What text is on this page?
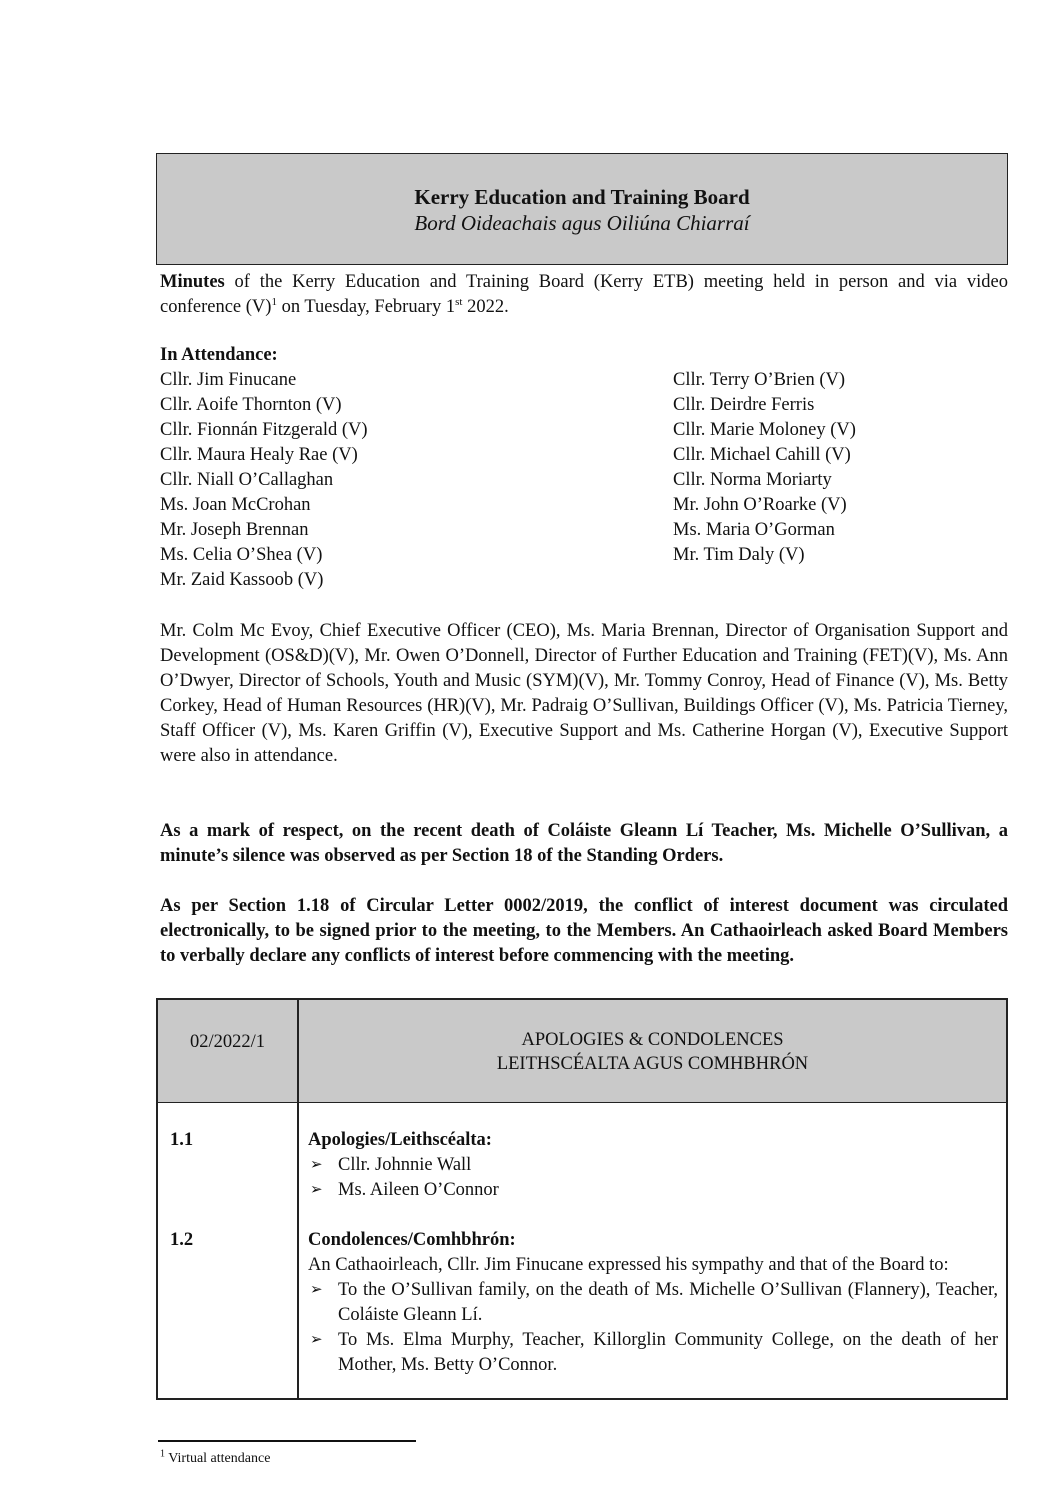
Kerry Education and Training Board
Bord Oideachais agus Oiliúna Chiarraí
Minutes of the Kerry Education and Training Board (Kerry ETB) meeting held in person and via video conference $(V)^1$ on Tuesday, February 1st 2022.
In Attendance:
Cllr. Jim Finucane
Cllr. Aoife Thornton (V)
Cllr. Fionnán Fitzgerald (V)
Cllr. Maura Healy Rae (V)
Cllr. Niall O’Callaghan
Ms. Joan McCrohan
Mr. Joseph Brennan
Ms. Celia O’Shea (V)
Mr. Zaid Kassoob (V)
Cllr. Terry O’Brien (V)
Cllr. Deirdre Ferris
Cllr. Marie Moloney (V)
Cllr. Michael Cahill (V)
Cllr. Norma Moriarty
Mr. John O’Roarke (V)
Ms. Maria O’Gorman
Mr. Tim Daly (V)
Mr. Colm Mc Evoy, Chief Executive Officer (CEO), Ms. Maria Brennan, Director of Organisation Support and Development (OS&D)(V), Mr. Owen O’Donnell, Director of Further Education and Training (FET)(V), Ms. Ann O’Dwyer, Director of Schools, Youth and Music (SYM)(V), Mr. Tommy Conroy, Head of Finance (V), Ms. Betty Corkey, Head of Human Resources (HR)(V), Mr. Padraig O’Sullivan, Buildings Officer (V), Ms. Patricia Tierney, Staff Officer (V), Ms. Karen Griffin (V), Executive Support and Ms. Catherine Horgan (V), Executive Support were also in attendance.
As a mark of respect, on the recent death of Coláiste Gleann Lí Teacher, Ms. Michelle O’Sullivan, a minute’s silence was observed as per Section 18 of the Standing Orders.
As per Section 1.18 of Circular Letter 0002/2019, the conflict of interest document was circulated electronically, to be signed prior to the meeting, to the Members. An Cathaoirleach asked Board Members to verbally declare any conflicts of interest before commencing with the meeting.
02/2022/1	APOLOGIES & CONDOLENCES
LEITHSCÉALTA AGUS COMHBHRÓN
1.1	Apologies/Leithscéalta:
➢ Cllr. Johnnie Wall
➢ Ms. Aileen O’Connor
1.2	Condolences/Comhbhrón:
An Cathaoirleach, Cllr. Jim Finucane expressed his sympathy and that of the Board to:
➢ To the O’Sullivan family, on the death of Ms. Michelle O’Sullivan (Flannery), Teacher, Coláiste Gleann Lí.
➢ To Ms. Elma Murphy, Teacher, Killorglin Community College, on the death of her Mother, Ms. Betty O’Connor.
$^1$ Virtual attendance
